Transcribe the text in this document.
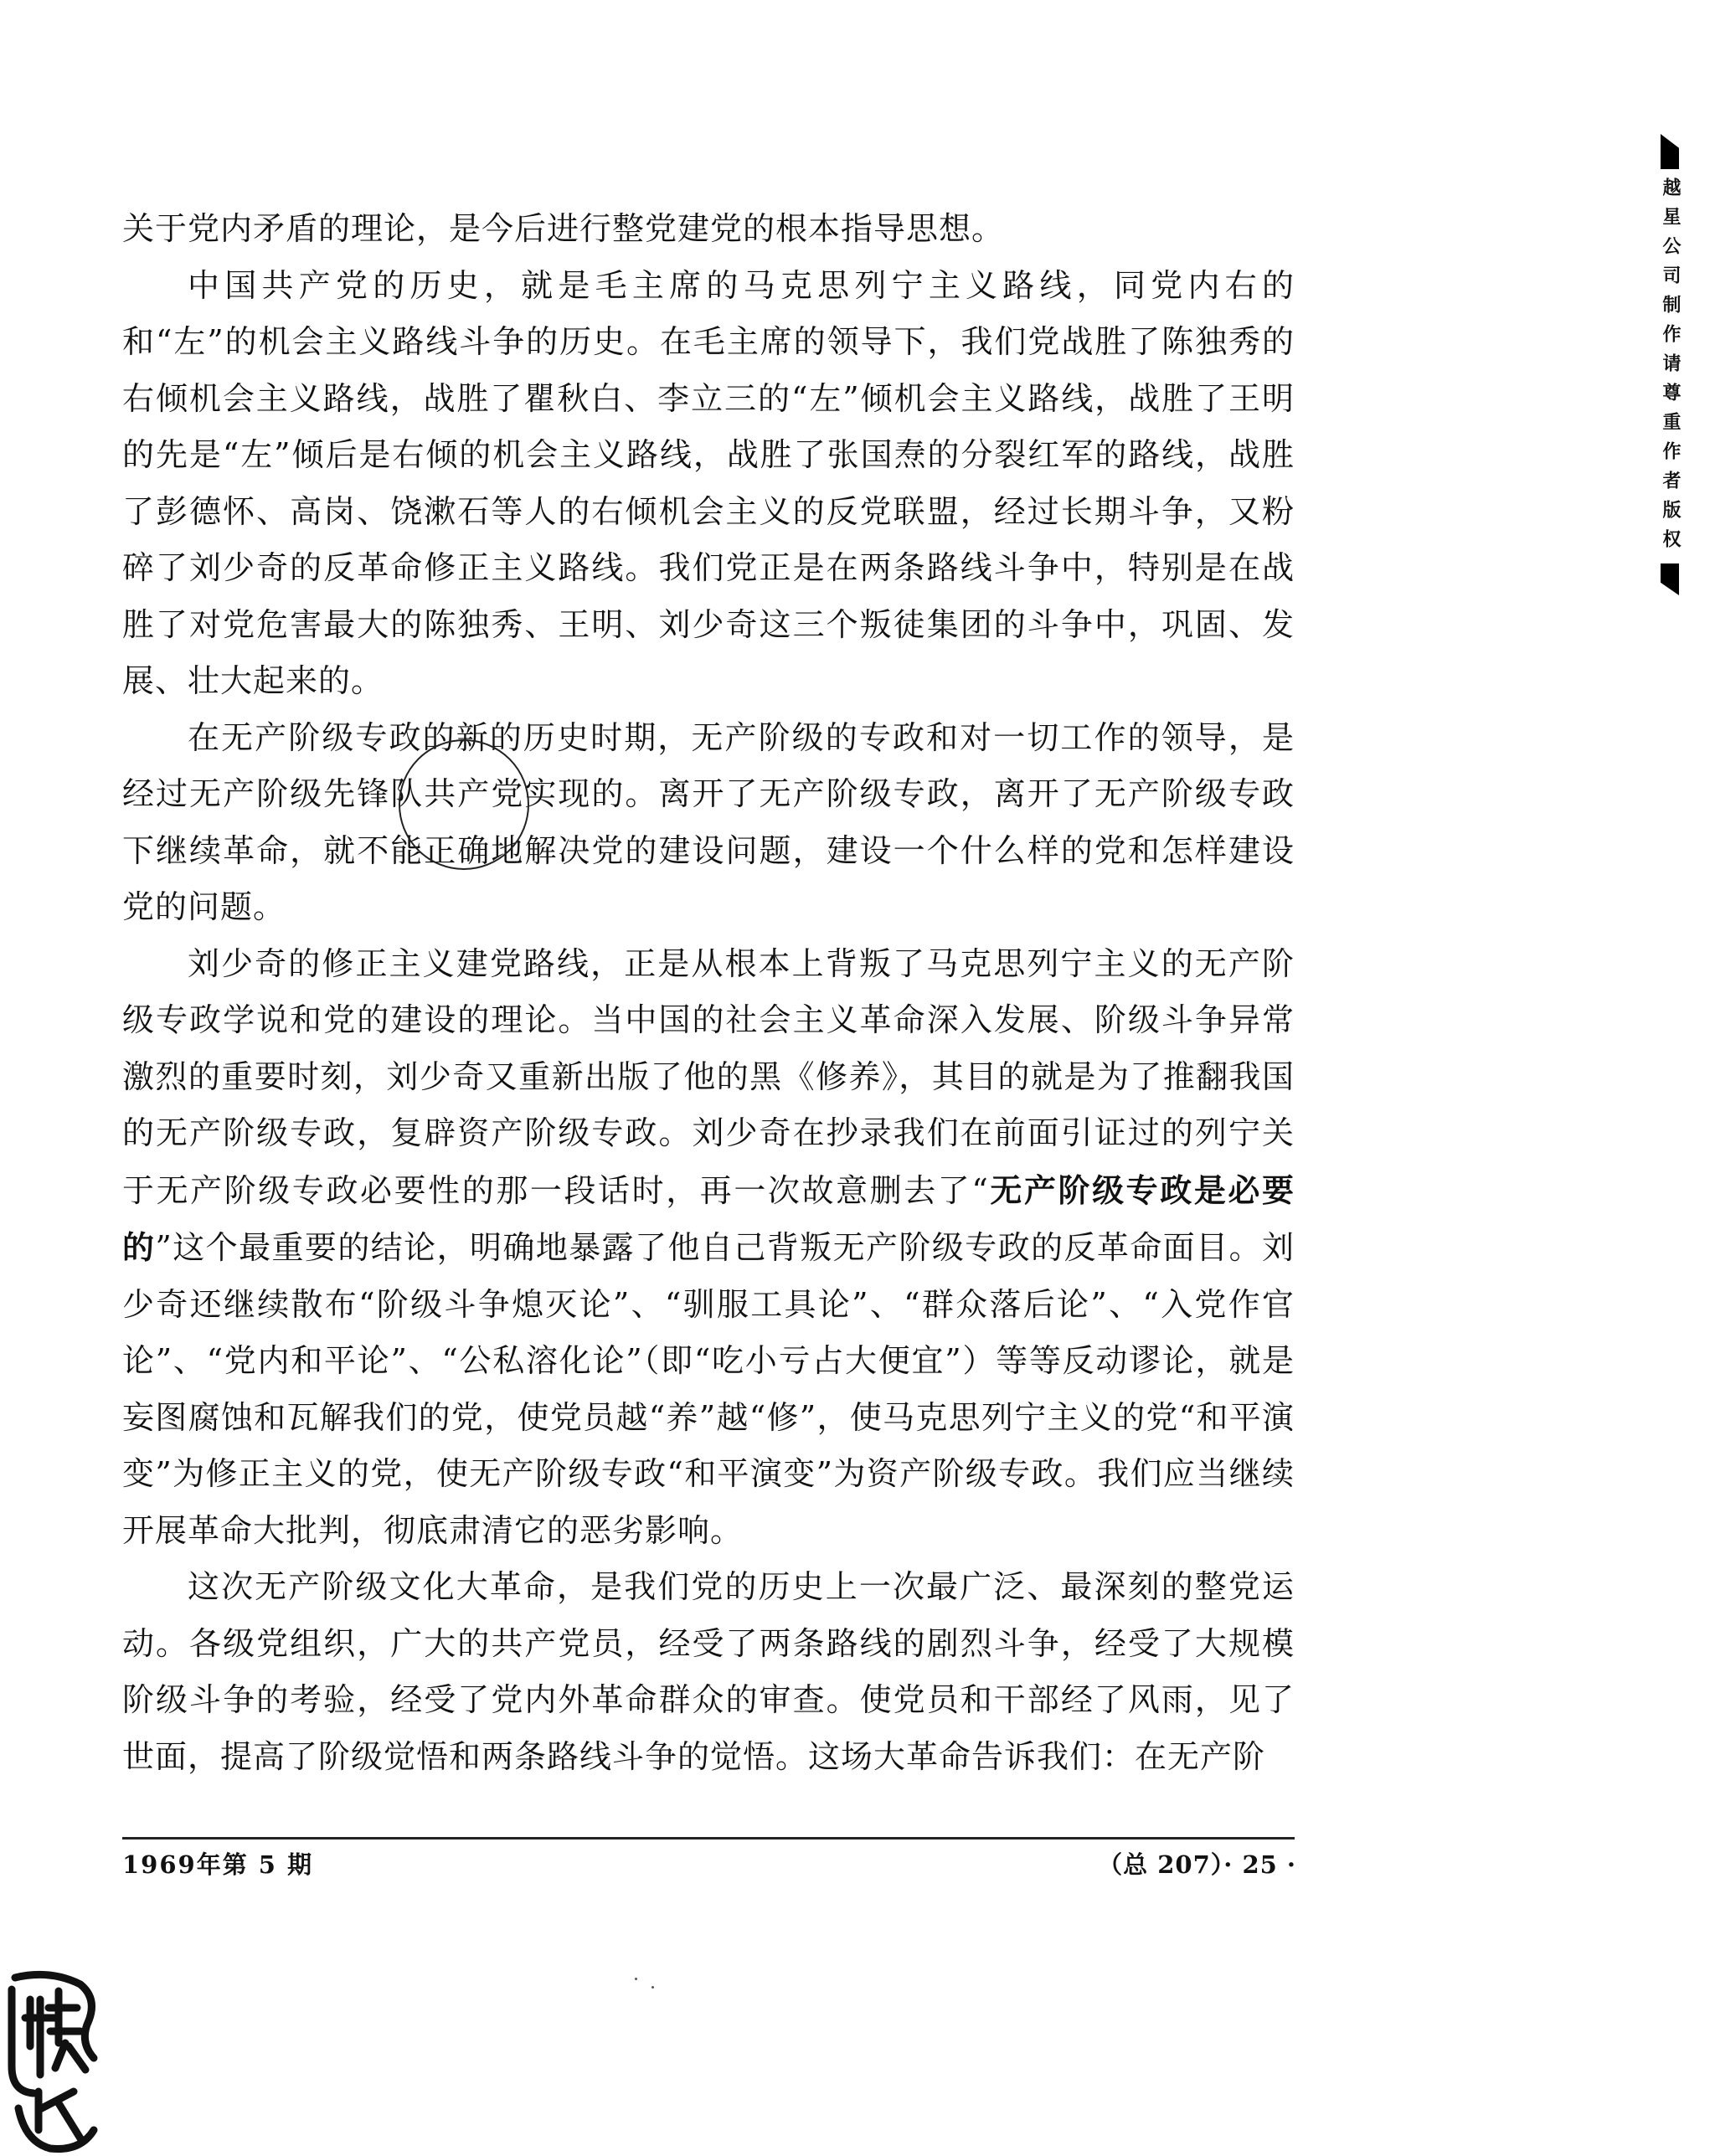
关于党内矛盾的理论，是今后进行整党建党的根本指导思想。

中国共产党的历史，就是毛主席的马克思列宁主义路线，同党内右的和“左”的机会主义路线斗争的历史。在毛主席的领导下，我们党战胜了陈独秀的右倾机会主义路线，战胜了瞿秋白、李立三的“左”倾机会主义路线，战胜了王明的先是“左”倾后是右倾的机会主义路线，战胜了张国焘的分裂红军的路线，战胜了彭德怀、高岗、饶漱石等人的右倾机会主义的反党联盟，经过长期斗争，又粉碎了刘少奇的反革命修正主义路线。我们党正是在两条路线斗争中，特别是在战胜了对党危害最大的陈独秀、王明、刘少奇这三个叛徒集团的斗争中，巩固、发展、壮大起来的。

在无产阶级专政的新的历史时期，无产阶级的专政和对一切工作的领导，是经过无产阶级先锋队共产党实现的。离开了无产阶级专政，离开了无产阶级专政下继续革命，就不能正确地解决党的建设问题，建设一个什么样的党和怎样建设党的问题。

刘少奇的修正主义建党路线，正是从根本上背叛了马克思列宁主义的无产阶级专政学说和党的建设的理论。当中国的社会主义革命深入发展、阶级斗争异常激烈的重要时刻，刘少奇又重新出版了他的黑《修养》，其目的就是为了推翻我国的无产阶级专政，复辟资产阶级专政。刘少奇在抄录我们在前面引证过的列宁关于无产阶级专政必要性的那一段话时，再一次故意删去了“无产阶级专政是必要的”这个最重要的结论，明确地暴露了他自己背叛无产阶级专政的反革命面目。刘少奇还继续散布“阶级斗争熄灭论”、“驯服工具论”、“群众落后论”、“入党作官论”、“党内和平论”、“公私溶化论”（即“吃小亏占大便宜”）等等反动谬论，就是妄图腐蚀和瓦解我们的党，使党员越“养”越“修”，使马克思列宁主义的党“和平演变”为修正主义的党，使无产阶级专政“和平演变”为资产阶级专政。我们应当继续开展革命大批判，彻底肃清它的恶劣影响。

这次无产阶级文化大革命，是我们党的历史上一次最广泛、最深刻的整党运动。各级党组织，广大的共产党员，经受了两条路线的剧烈斗争，经受了大规模阶级斗争的考验，经受了党内外革命群众的审查。使党员和干部经了风雨，见了世面，提高了阶级觉悟和两条路线斗争的觉悟。这场大革命告诉我们：在无产阶

1969年第 5 期	（总 207）· 25 ·
越星公司制作请尊重作者版权
